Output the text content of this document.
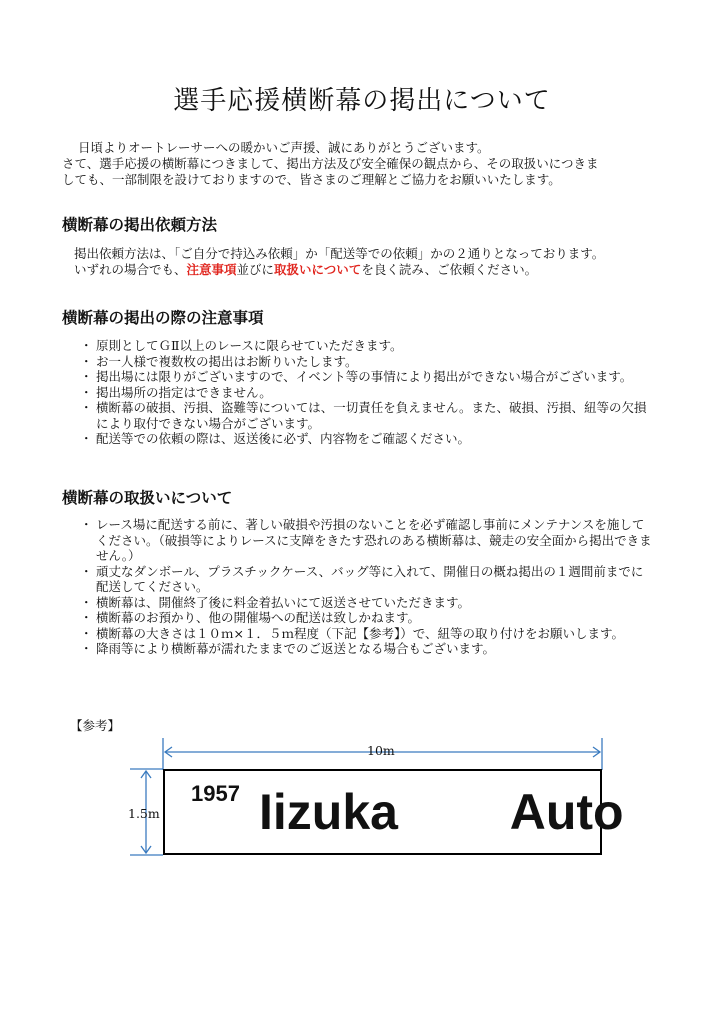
選手応援横断幕の掲出について
日頃よりオートレーサーへの暖かいご声援、誠にありがとうございます。
さて、選手応援の横断幕につきまして、掲出方法及び安全確保の観点から、その取扱いにつきま
しても、一部制限を設けておりますので、皆さまのご理解とご協力をお願いいたします。
横断幕の掲出依頼方法
掲出依頼方法は、「ご自分で持込み依頼」か「配送等での依頼」かの２通りとなっております。
いずれの場合でも、注意事項並びに取扱いについてを良く読み、ご依頼ください。
横断幕の掲出の際の注意事項
・ 原則としてＧⅡ以上のレースに限らせていただきます。
・ お一人様で複数枚の掲出はお断りいたします。
・ 掲出場には限りがございますので、イベント等の事情により掲出ができない場合がございます。
・ 掲出場所の指定はできません。
・ 横断幕の破損、汚損、盗難等については、一切責任を負えません。また、破損、汚損、紐等の欠損により取付できない場合がございます。
・ 配送等での依頼の際は、返送後に必ず、内容物をご確認ください。
横断幕の取扱いについて
・ レース場に配送する前に、著しい破損や汚損のないことを必ず確認し事前にメンテナンスを施してください。（破損等によりレースに支障をきたす恐れのある横断幕は、競走の安全面から掲出できません。）
・ 頑丈なダンボール、プラスチックケース、バッグ等に入れて、開催日の概ね掲出の１週間前までに配送してください。
・ 横断幕は、開催終了後に料金着払いにて返送させていただきます。
・ 横断幕のお預かり、他の開催場への配送は致しかねます。
・ 横断幕の大きさは１０ｍ×１．５ｍ程度（下記【参考】）で、紐等の取り付けをお願いします。
・ 降雨等により横断幕が濡れたままでのご返送となる場合もございます。
【参考】
10m
1.5m
1957 Iizuka   Auto
